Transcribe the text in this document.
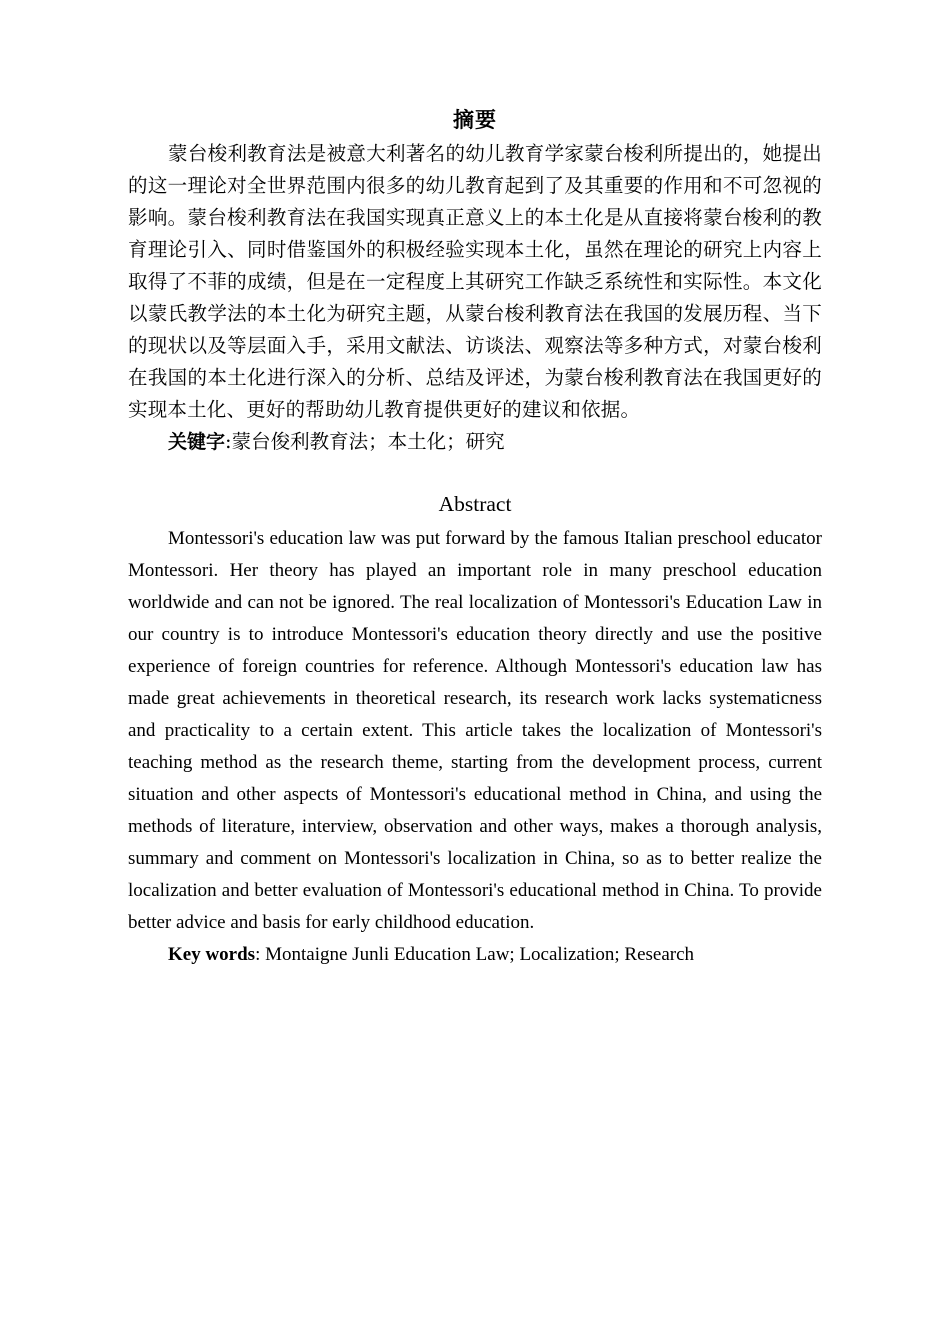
摘要

蒙台梭利教育法是被意大利著名的幼儿教育学家蒙台梭利所提出的，她提出的这一理论对全世界范围内很多的幼儿教育起到了及其重要的作用和不可忽视的影响。蒙台梭利教育法在我国实现真正意义上的本土化是从直接将蒙台梭利的教育理论引入、同时借鉴国外的积极经验实现本土化，虽然在理论的研究上内容上取得了不菲的成绩，但是在一定程度上其研究工作缺乏系统性和实际性。本文化以蒙氏教学法的本土化为研究主题，从蒙台梭利教育法在我国的发展历程、当下的现状以及等层面入手，采用文献法、访谈法、观察法等多种方式，对蒙台梭利在我国的本土化进行深入的分析、总结及评述，为蒙台梭利教育法在我国更好的实现本土化、更好的帮助幼儿教育提供更好的建议和依据。

关键字:蒙台俊利教育法；本土化；研究

Abstract

Montessori's education law was put forward by the famous Italian preschool educator Montessori. Her theory has played an important role in many preschool education worldwide and can not be ignored. The real localization of Montessori's Education Law in our country is to introduce Montessori's education theory directly and use the positive experience of foreign countries for reference. Although Montessori's education law has made great achievements in theoretical research, its research work lacks systematicness and practicality to a certain extent. This article takes the localization of Montessori's teaching method as the research theme, starting from the development process, current situation and other aspects of Montessori's educational method in China, and using the methods of literature, interview, observation and other ways, makes a thorough analysis, summary and comment on Montessori's localization in China, so as to better realize the localization and better evaluation of Montessori's educational method in China. To provide better advice and basis for early childhood education.

Key words: Montaigne Junli Education Law; Localization; Research
